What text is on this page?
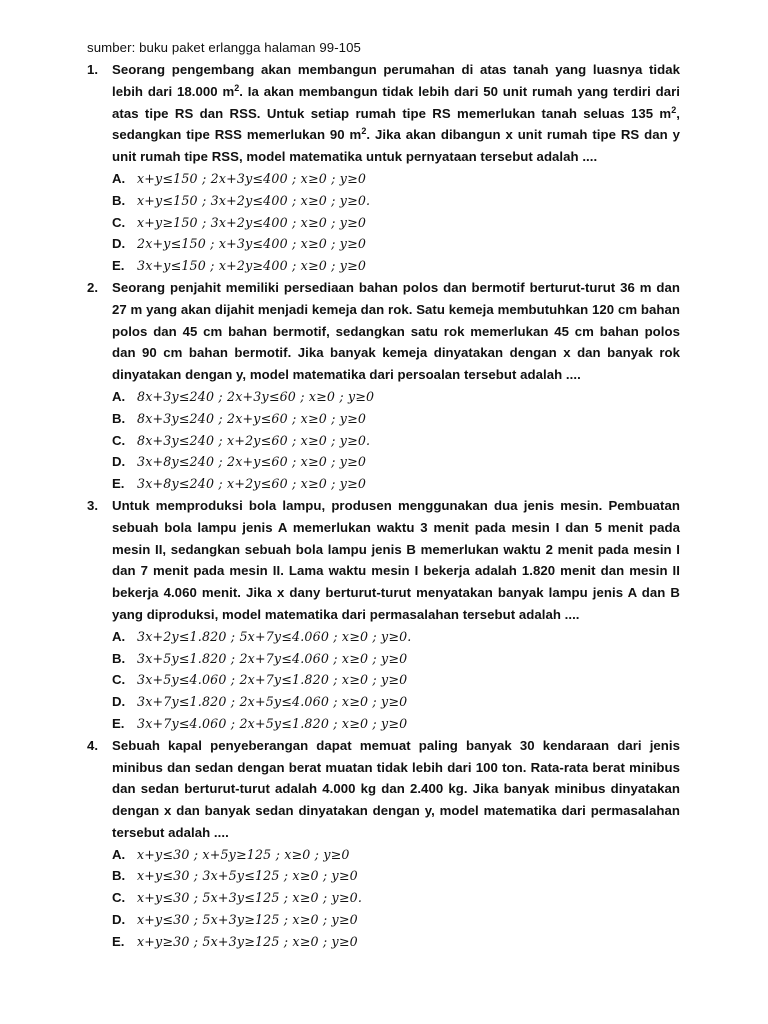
sumber: buku paket erlangga halaman 99-105
1.	Seorang pengembang akan membangun perumahan di atas tanah yang luasnya tidak lebih dari 18.000 $m^2$. Ia akan membangun tidak lebih dari 50 unit rumah yang terdiri dari atas tipe RS dan RSS. Untuk setiap rumah tipe RS memerlukan tanah seluas 135 $m^2$, sedangkan tipe RSS memerlukan 90 $m^2$. Jika akan dibangun x unit rumah tipe RS dan y unit rumah tipe RSS, model matematika untuk pernyataan tersebut adalah ....
A. x+y≤150 ; 2x+3y≤400 ; x≥0 ; y≥0
B. x+y≤150 ; 3x+2y≤400 ; x≥0 ; y≥0.
C. x+y≥150 ; 3x+2y≤400 ; x≥0 ; y≥0
D. 2x+y≤150 ; x+3y≤400 ; x≥0 ; y≥0
E. 3x+y≤150 ; x+2y≥400 ; x≥0 ; y≥0
2.	Seorang penjahit memiliki persediaan bahan polos dan bermotif berturut-turut 36 m dan 27 m yang akan dijahit menjadi kemeja dan rok. Satu kemeja membutuhkan 120 cm bahan polos dan 45 cm bahan bermotif, sedangkan satu rok memerlukan 45 cm bahan polos dan 90 cm bahan bermotif. Jika banyak kemeja dinyatakan dengan x dan banyak rok dinyatakan dengan y, model matematika dari persoalan tersebut adalah ....
A. 8x+3y≤240 ; 2x+3y≤60 ; x≥0 ; y≥0
B. 8x+3y≤240 ; 2x+y≤60 ; x≥0 ; y≥0
C. 8x+3y≤240 ; x+2y≤60 ; x≥0 ; y≥0.
D. 3x+8y≤240 ; 2x+y≤60 ; x≥0 ; y≥0
E. 3x+8y≤240 ; x+2y≤60 ; x≥0 ; y≥0
3.	Untuk memproduksi bola lampu, produsen menggunakan dua jenis mesin. Pembuatan sebuah bola lampu jenis A memerlukan waktu 3 menit pada mesin I dan 5 menit pada mesin II, sedangkan sebuah bola lampu jenis B memerlukan waktu 2 menit pada mesin I dan 7 menit pada mesin II. Lama waktu mesin I bekerja adalah 1.820 menit dan mesin II bekerja 4.060 menit. Jika x dany berturut-turut menyatakan banyak lampu jenis A dan B yang diproduksi, model matematika dari permasalahan tersebut adalah ....
A. 3x+2y≤1.820 ; 5x+7y≤4.060 ; x≥0 ; y≥0.
B. 3x+5y≤1.820 ; 2x+7y≤4.060 ; x≥0 ; y≥0
C. 3x+5y≤4.060 ; 2x+7y≤1.820 ; x≥0 ; y≥0
D. 3x+7y≤1.820 ; 2x+5y≤4.060 ; x≥0 ; y≥0
E. 3x+7y≤4.060 ; 2x+5y≤1.820 ; x≥0 ; y≥0
4.	Sebuah kapal penyeberangan dapat memuat paling banyak 30 kendaraan dari jenis minibus dan sedan dengan berat muatan tidak lebih dari 100 ton. Rata-rata berat minibus dan sedan berturut-turut adalah 4.000 kg dan 2.400 kg. Jika banyak minibus dinyatakan dengan x dan banyak sedan dinyatakan dengan y, model matematika dari permasalahan tersebut adalah ....
A. x+y≤30 ; x+5y≥125 ; x≥0 ; y≥0
B. x+y≤30 ; 3x+5y≤125 ; x≥0 ; y≥0
C. x+y≤30 ; 5x+3y≤125 ; x≥0 ; y≥0.
D. x+y≤30 ; 5x+3y≥125 ; x≥0 ; y≥0
E. x+y≥30 ; 5x+3y≥125 ; x≥0 ; y≥0
